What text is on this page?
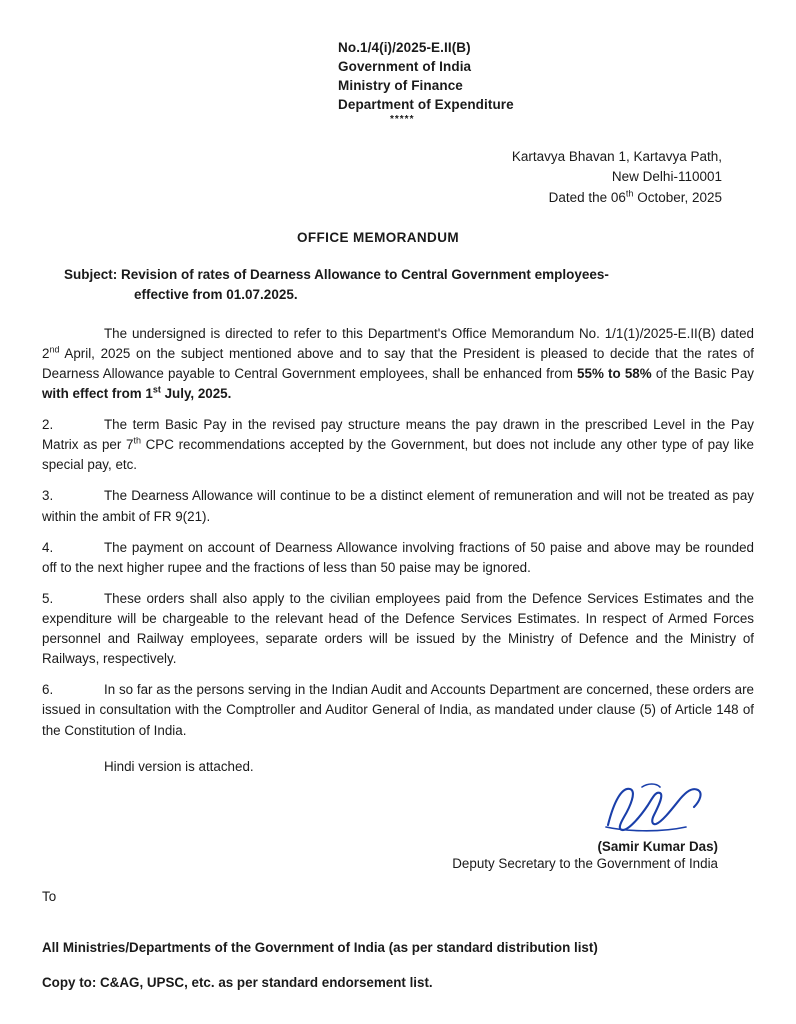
No.1/4(i)/2025-E.II(B)
Government of India
Ministry of Finance
Department of Expenditure
*****
Kartavya Bhavan 1, Kartavya Path,
New Delhi-110001
Dated the 06th October, 2025
OFFICE MEMORANDUM
Subject: Revision of rates of Dearness Allowance to Central Government employees-
effective from 01.07.2025.
The undersigned is directed to refer to this Department's Office Memorandum No. 1/1(1)/2025-E.II(B) dated 2nd April, 2025 on the subject mentioned above and to say that the President is pleased to decide that the rates of Dearness Allowance payable to Central Government employees, shall be enhanced from 55% to 58% of the Basic Pay with effect from 1st July, 2025.
2.	The term Basic Pay in the revised pay structure means the pay drawn in the prescribed Level in the Pay Matrix as per 7th CPC recommendations accepted by the Government, but does not include any other type of pay like special pay, etc.
3.	The Dearness Allowance will continue to be a distinct element of remuneration and will not be treated as pay within the ambit of FR 9(21).
4.	The payment on account of Dearness Allowance involving fractions of 50 paise and above may be rounded off to the next higher rupee and the fractions of less than 50 paise may be ignored.
5.	These orders shall also apply to the civilian employees paid from the Defence Services Estimates and the expenditure will be chargeable to the relevant head of the Defence Services Estimates. In respect of Armed Forces personnel and Railway employees, separate orders will be issued by the Ministry of Defence and the Ministry of Railways, respectively.
6.	In so far as the persons serving in the Indian Audit and Accounts Department are concerned, these orders are issued in consultation with the Comptroller and Auditor General of India, as mandated under clause (5) of Article 148 of the Constitution of India.
Hindi version is attached.
(Samir Kumar Das)
Deputy Secretary to the Government of India
To
All Ministries/Departments of the Government of India (as per standard distribution list)
Copy to: C&AG, UPSC, etc. as per standard endorsement list.
